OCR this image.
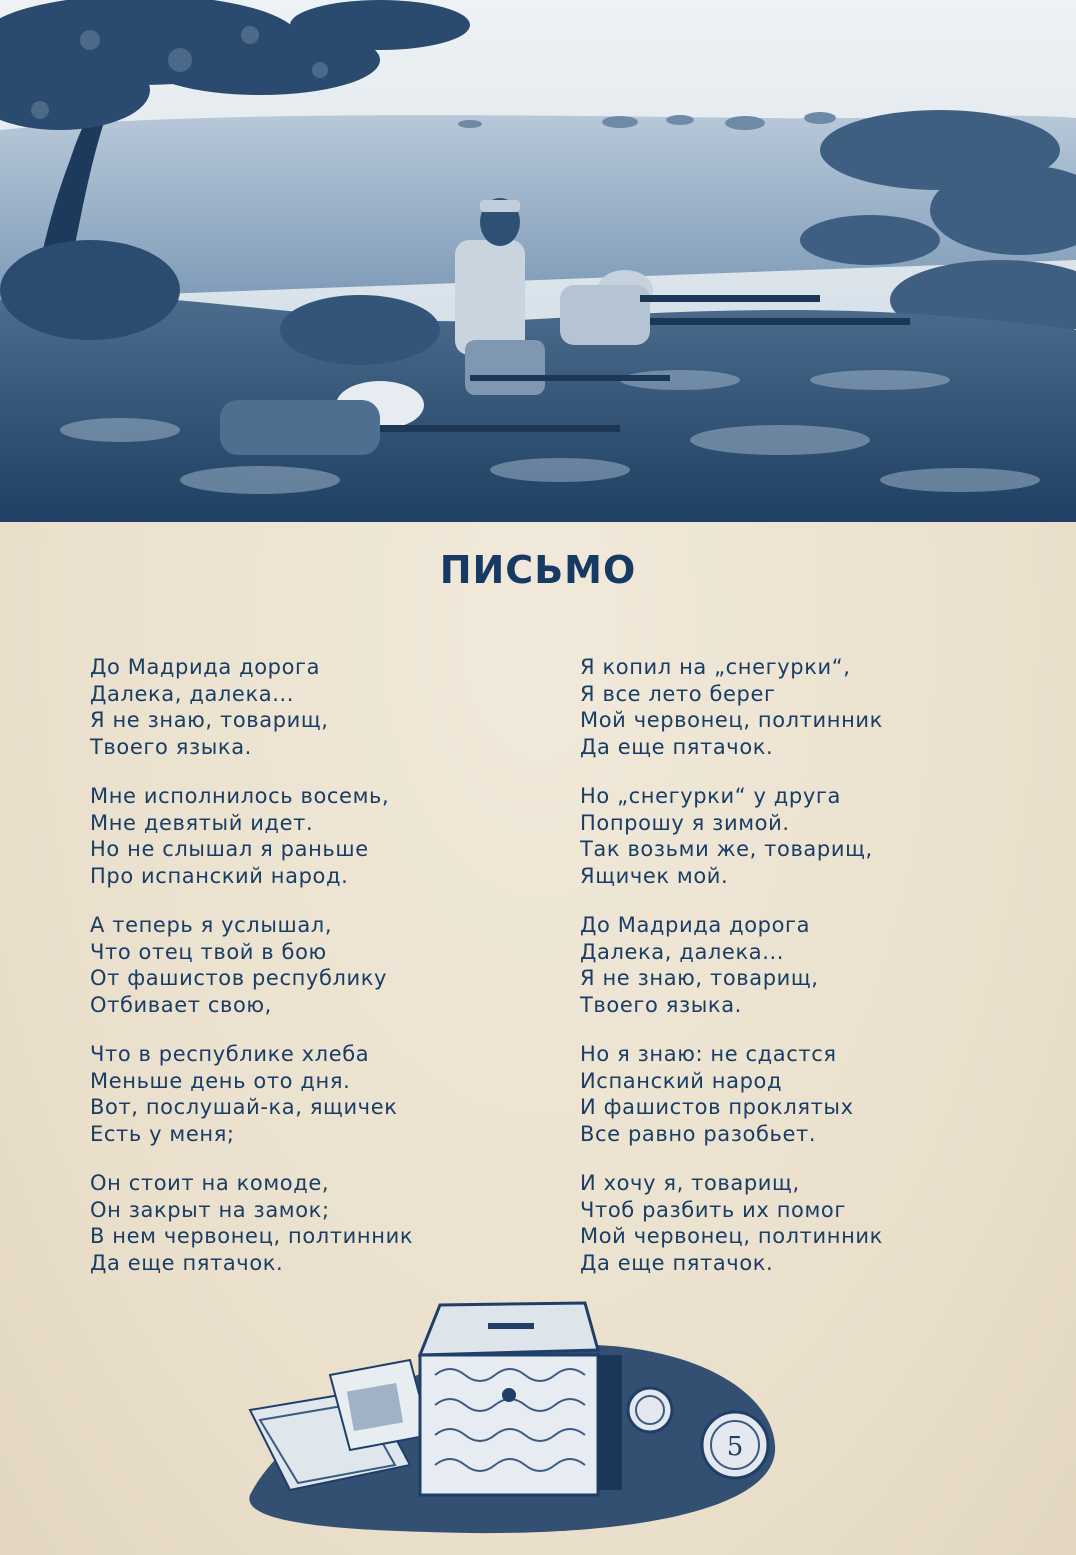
ПИСЬМО
До Мадрида дорога
Далека, далека...
Я не знаю, товарищ,
Твоего языка.
Мне исполнилось восемь,
Мне девятый идет.
Но не слышал я раньше
Про испанский народ.
А теперь я услышал,
Что отец твой в бою
От фашистов республику
Отбивает свою,
Что в республике хлеба
Меньше день ото дня.
Вот, послушай-ка, ящичек
Есть у меня;
Он стоит на комоде,
Он закрыт на замок;
В нем червонец, полтинник
Да еще пятачок.
Я копил на „снегурки“,
Я все лето берег
Мой червонец, полтинник
Да еще пятачок.
Но „снегурки“ у друга
Попрошу я зимой.
Так возьми же, товарищ,
Ящичек мой.
До Мадрида дорога
Далека, далека...
Я не знаю, товарищ,
Твоего языка.
Но я знаю: не сдастся
Испанский народ
И фашистов проклятых
Все равно разобьет.
И хочу я, товарищ,
Чтоб разбить их помог
Мой червонец, полтинник
Да еще пятачок.
5
